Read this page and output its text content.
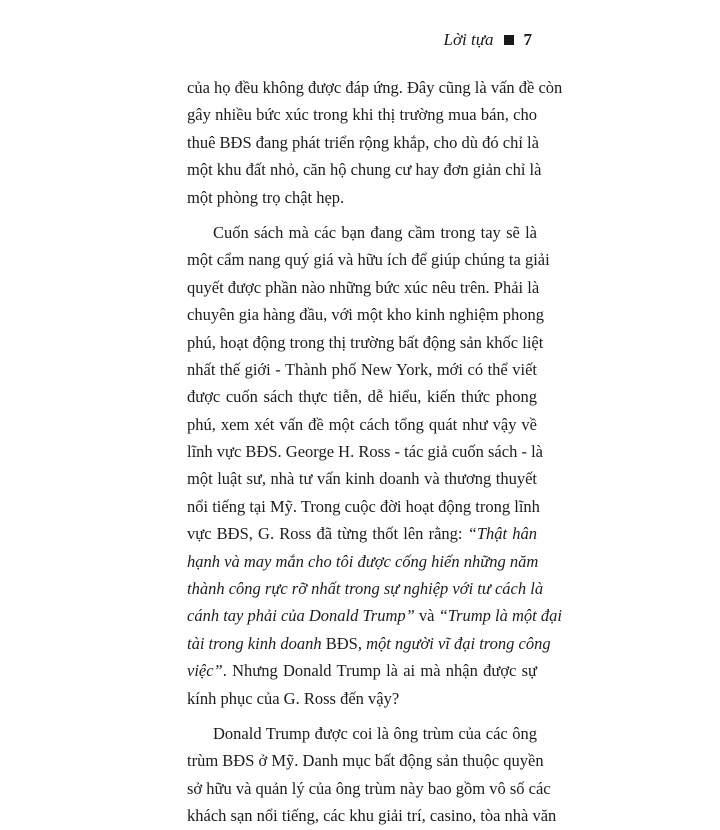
Lời tựa 7
của họ đều không được đáp ứng. Đây cũng là vấn đề còn
gây nhiều bức xúc trong khi thị trường mua bán, cho
thuê BĐS đang phát triển rộng khắp, cho dù đó chỉ là
một khu đất nhỏ, căn hộ chung cư hay đơn giản chỉ là
một phòng trọ chật hẹp.
Cuốn sách mà các bạn đang cầm trong tay sẽ là
một cẩm nang quý giá và hữu ích để giúp chúng ta giải
quyết được phần nào những bức xúc nêu trên. Phải là
chuyên gia hàng đầu, với một kho kinh nghiệm phong
phú, hoạt động trong thị trường bất động sản khốc liệt
nhất thế giới - Thành phố New York, mới có thể viết
được cuốn sách thực tiễn, dễ hiểu, kiến thức phong
phú, xem xét vấn đề một cách tổng quát như vậy về
lĩnh vực BĐS. George H. Ross - tác giả cuốn sách - là
một luật sư, nhà tư vấn kinh doanh và thương thuyết
nổi tiếng tại Mỹ. Trong cuộc đời hoạt động trong lĩnh
vực BĐS, G. Ross đã từng thốt lên rằng: “Thật hân
hạnh và may mắn cho tôi được cống hiến những năm
thành công rực rỡ nhất trong sự nghiệp với tư cách là
cánh tay phải của Donald Trump” và “Trump là một đại
tài trong kinh doanh BĐS, một người vĩ đại trong công
việc”. Nhưng Donald Trump là ai mà nhận được sự
kính phục của G. Ross đến vậy?
Donald Trump được coi là ông trùm của các ông
trùm BĐS ở Mỹ. Danh mục bất động sản thuộc quyền
sở hữu và quản lý của ông trùm này bao gồm vô số các
khách sạn nổi tiếng, các khu giải trí, casino, tòa nhà văn
